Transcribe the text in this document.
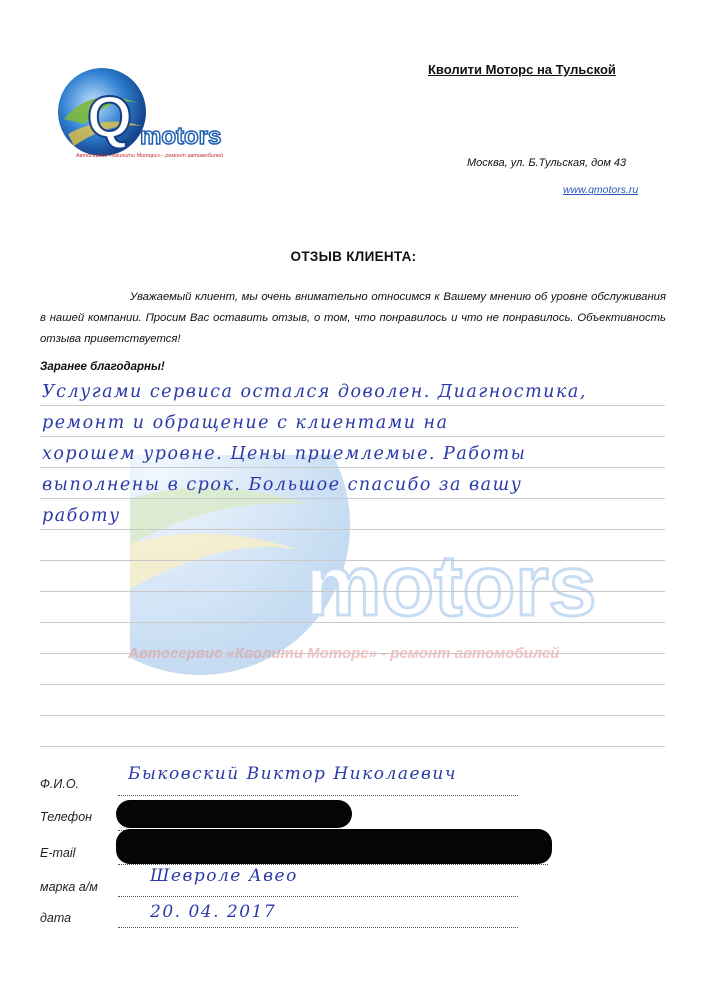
Q motors
Автосервис «Кволити Моторс» - ремонт автомобилей
Кволити Моторс на Тульской
Москва, ул. Б.Тульская, дом 43
www.qmotors.ru
motors
Автосервис «Кволити Моторс» - ремонт автомобилей
ОТЗЫВ КЛИЕНТА:
Уважаемый клиент, мы очень внимательно относимся к Вашему мнению об уровне обслуживания в нашей компании. Просим Вас оставить отзыв, о том, что понравилось и что не понравилось. Объективность отзыва приветствуется!
Заранее благодарны!
Услугами сервиса остался доволен. Диагностика,
ремонт и обращение с клиентами на
хорошем уровне. Цены приемлемые. Работы
выполнены в срок. Большое спасибо за вашу
работу
Ф.И.О.	Быковский Виктор Николаевич
Телефон
E-mail
марка а/м
Шевроле Авео
дата	20. 04. 2017
